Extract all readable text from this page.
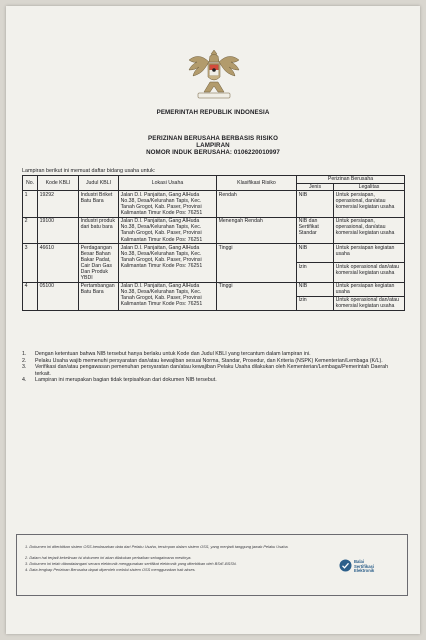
PEMERINTAH REPUBLIK INDONESIA
PERIZINAN BERUSAHA BERBASIS RISIKO
LAMPIRAN
NOMOR INDUK BERUSAHA: 0106220010997
Lampiran berikut ini memuat daftar bidang usaha untuk:
No.	Kode KBLI	Judul KBLI	Lokasi Usaha	Klasifikasi Risiko	Perizinan Berusaha	
					Jenis	Legalitas
1	19292	Industri Briket Batu Bara	Jalan D.I. Panjaitan, Gang AlHuda No.38, Desa/Kelurahan Tapis, Kec. Tanah Grogot, Kab. Paser, Provinsi Kalimantan Timur Kode Pos: 76251	Rendah	NIB	Untuk persiapan, operasional, dan/atau komersial kegiatan usaha
2	19100	Industri produk dari batu bara	Jalan D.I. Panjaitan, Gang AlHuda No.38, Desa/Kelurahan Tapis, Kec. Tanah Grogot, Kab. Paser, Provinsi Kalimantan Timur Kode Pos: 76251	Menengah Rendah	NIB dan Sertifikat Standar	Untuk persiapan, operasional, dan/atau komersial kegiatan usaha
3	46610	Perdagangan Besar Bahan Bakar Padat, Cair Dan Gas Dan Produk YBDI	Jalan D.I. Panjaitan, Gang AlHuda No.38, Desa/Kelurahan Tapis, Kec. Tanah Grogot, Kab. Paser, Provinsi Kalimantan Timur Kode Pos: 76251	Tinggi	NIB	Untuk persiapan kegiatan usaha
					Izin	Untuk operasional dan/atau komersial kegiatan usaha
4	05100	Pertambangan Batu Bara	Jalan D.I. Panjaitan, Gang AlHuda No.38, Desa/Kelurahan Tapis, Kec. Tanah Grogot, Kab. Paser, Provinsi Kalimantan Timur Kode Pos: 76251	Tinggi	NIB	Untuk persiapan kegiatan usaha
					Izin	Untuk operasional dan/atau komersial kegiatan usaha
1.	Dengan ketentuan bahwa NIB tersebut hanya berlaku untuk Kode dan Judul KBLI yang tercantum dalam lampiran ini.
2.	Pelaku Usaha wajib memenuhi persyaratan dan/atau kewajiban sesuai Norma, Standar, Prosedur, dan Kriteria (NSPK) Kementerian/Lembaga (K/L).
3.	Verifikasi dan/atau pengawasan pemenuhan persyaratan dan/atau kewajiban Pelaku Usaha dilakukan oleh Kementerian/Lembaga/Pemerintah Daerah terkait.
4.	Lampiran ini merupakan bagian tidak terpisahkan dari dokumen NIB tersebut.
1. Dokumen ini diterbitkan sistem OSS berdasarkan data dari Pelaku Usaha, tersimpan dalam sistem OSS, yang menjadi tanggung jawab Pelaku Usaha.
2. Dalam hal terjadi kekeliruan isi dokumen ini akan dilakukan perbaikan sebagaimana mestinya.
3. Dokumen ini telah ditandatangani secara elektronik menggunakan sertifikat elektronik yang diterbitkan oleh BSrE-BSSN.
4. Data lengkap Perizinan Berusaha dapat diperoleh melalui sistem OSS menggunakan hak akses.
Balai
Sertifikasi
Elektronik
